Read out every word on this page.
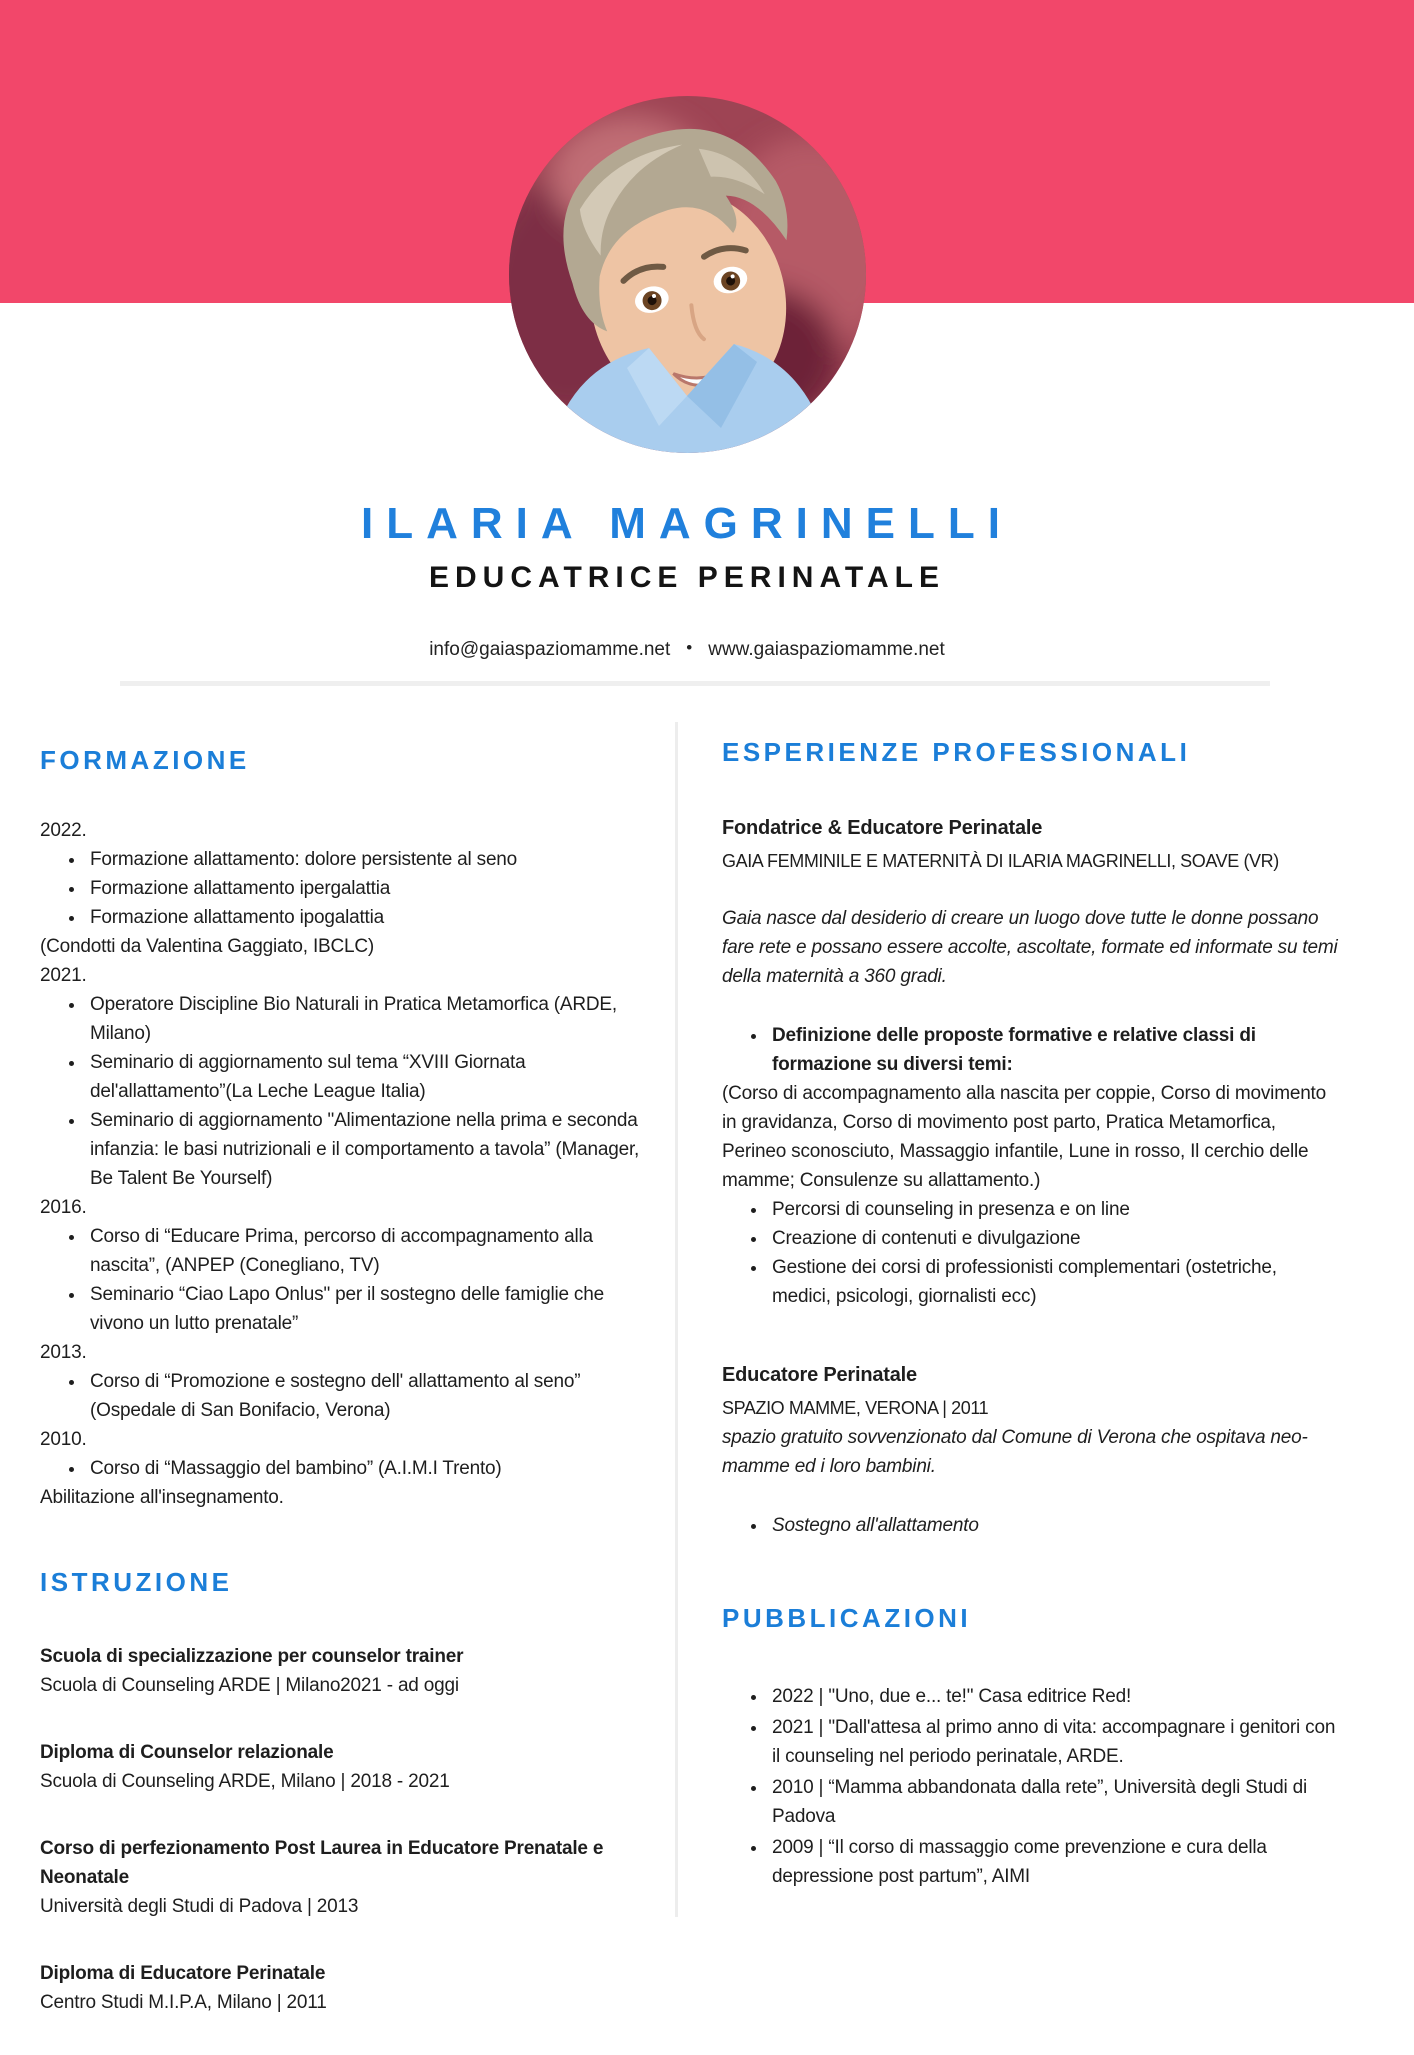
ILARIA MAGRINELLI
EDUCATRICE PERINATALE
info@gaiaspaziomamme.net • www.gaiaspaziomamme.net
FORMAZIONE
2022.
• Formazione allattamento: dolore persistente al seno
• Formazione allattamento ipergalattia
• Formazione allattamento ipogalattia
(Condotti da Valentina Gaggiato, IBCLC)
2021.
• Operatore Discipline Bio Naturali in Pratica Metamorfica (ARDE, Milano)
• Seminario di aggiornamento sul tema “XVIII Giornata del'allattamento”(La Leche League Italia)
• Seminario di aggiornamento "Alimentazione nella prima e seconda infanzia: le basi nutrizionali e il comportamento a tavola” (Manager, Be Talent Be Yourself)
2016.
• Corso di “Educare Prima, percorso di accompagnamento alla nascita”, (ANPEP (Conegliano, TV)
• Seminario “Ciao Lapo Onlus" per il sostegno delle famiglie che vivono un lutto prenatale”
2013.
• Corso di “Promozione e sostegno dell' allattamento al seno” (Ospedale di San Bonifacio, Verona)
2010.
• Corso di “Massaggio del bambino” (A.I.M.I Trento)
Abilitazione all'insegnamento.
ISTRUZIONE
Scuola di specializzazione per counselor trainer
Scuola di Counseling ARDE | Milano2021 - ad oggi
Diploma di Counselor relazionale
Scuola di Counseling ARDE, Milano | 2018 - 2021
Corso di perfezionamento Post Laurea in Educatore Prenatale e Neonatale
Università degli Studi di Padova | 2013
Diploma di Educatore Perinatale
Centro Studi M.I.P.A, Milano | 2011
ESPERIENZE PROFESSIONALI
Fondatrice & Educatore Perinatale
GAIA FEMMINILE E MATERNITÀ DI ILARIA MAGRINELLI, SOAVE (VR)
Gaia nasce dal desiderio di creare un luogo dove tutte le donne possano fare rete e possano essere accolte, ascoltate, formate ed informate su temi della maternità a 360 gradi.
• Definizione delle proposte formative e relative classi di formazione su diversi temi:
(Corso di accompagnamento alla nascita per coppie, Corso di movimento in gravidanza, Corso di movimento post parto, Pratica Metamorfica, Perineo sconosciuto, Massaggio infantile, Lune in rosso, Il cerchio delle mamme; Consulenze su allattamento.)
• Percorsi di counseling in presenza e on line
• Creazione di contenuti e divulgazione
• Gestione dei corsi di professionisti complementari (ostetriche, medici, psicologi, giornalisti ecc)
Educatore Perinatale
SPAZIO MAMME, VERONA | 2011
spazio gratuito sovvenzionato dal Comune di Verona che ospitava neo-mamme ed i loro bambini.
• Sostegno all'allattamento
PUBBLICAZIONI
• 2022 | "Uno, due e... te!" Casa editrice Red!
• 2021 | "Dall'attesa al primo anno di vita: accompagnare i genitori con il counseling nel periodo perinatale, ARDE.
• 2010 | “Mamma abbandonata dalla rete”, Università degli Studi di Padova
• 2009 | “Il corso di massaggio come prevenzione e cura della depressione post partum”, AIMI
